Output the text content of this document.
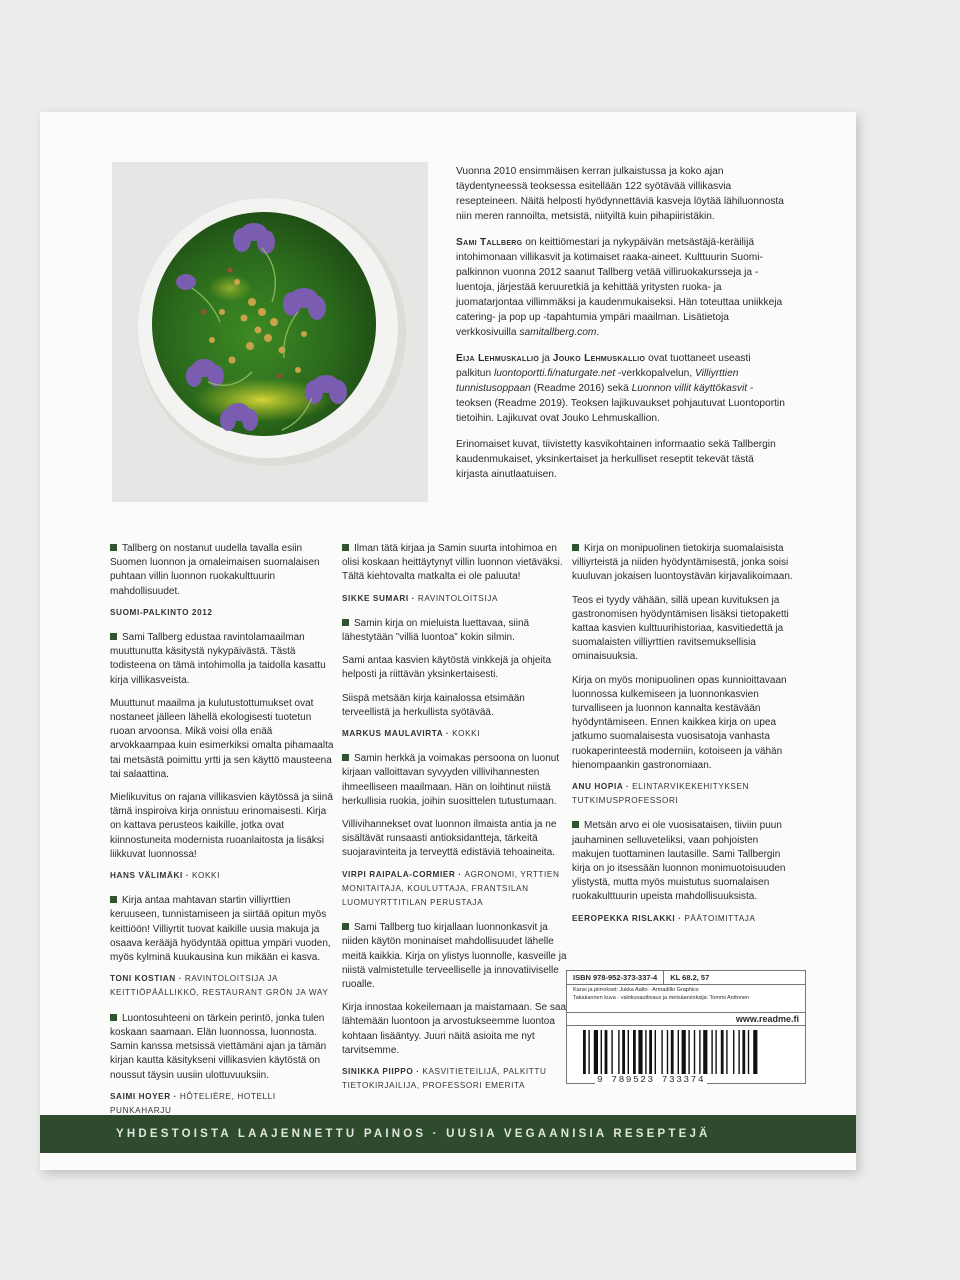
Vuonna 2010 ensimmäisen kerran julkaistussa ja koko ajan täydentyneessä teoksessa esitellään 122 syötävää villikasvia resepteineen. Näitä helposti hyödynnettäviä kasveja löytää lähiluonnosta niin meren rannoilta, metsistä, niityiltä kuin pihapiiristäkin.

Sami Tallberg on keittiömestari ja nykypäivän metsästäjä-keräilijä intohimonaan villikasvit ja kotimaiset raaka-aineet. Kulttuurin Suomi-palkinnon vuonna 2012 saanut Tallberg vetää villiruokakursseja ja -luentoja, järjestää keruuretkiä ja kehittää yritysten ruoka- ja juomatarjontaa villimmäksi ja kaudenmukaiseksi. Hän toteuttaa uniikkeja catering- ja pop up -tapahtumia ympäri maailman. Lisätietoja verkkosivuilla samitallberg.com.

Eija Lehmuskallio ja Jouko Lehmuskallio ovat tuottaneet useasti palkitun luontoportti.fi/naturgate.net -verkkopalvelun, Villiyrttien tunnistusoppaan (Readme 2016) sekä Luonnon villit käyttökasvit -teoksen (Readme 2019). Teoksen lajikuvaukset pohjautuvat Luontoportin tietoihin. Lajikuvat ovat Jouko Lehmuskallion.

Erinomaiset kuvat, tiivistetty kasvikohtainen informaatio sekä Tallbergin kaudenmukaiset, yksinkertaiset ja herkulliset reseptit tekevät tästä kirjasta ainutlaatuisen.

Tallberg on nostanut uudella tavalla esiin Suomen luonnon ja omaleimaisen suomalaisen puhtaan villin luonnon ruokakulttuurin mahdollisuudet.

SUOMI-PALKINTO 2012

Sami Tallberg edustaa ravintolamaailman muuttunutta käsitystä nykypäivästä. Tästä todisteena on tämä intohimolla ja taidolla kasattu kirja villikasveista.

Muuttunut maailma ja kulutustottumukset ovat nostaneet jälleen lähellä ekologisesti tuotetun ruoan arvoonsa. Mikä voisi olla enää arvokkaampaa kuin esimerkiksi omalta pihamaalta tai metsästä poimittu yrtti ja sen käyttö mausteena tai salaattina.

Mielikuvitus on rajana villikasvien käytössä ja siinä tämä inspiroiva kirja onnistuu erinomaisesti. Kirja on kattava perusteos kaikille, jotka ovat kiinnostuneita modernista ruoanlaitosta ja lisäksi liikkuvat luonnossa!

HANS VÄLIMÄKI · KOKKI

Kirja antaa mahtavan startin villiyrttien keruuseen, tunnistamiseen ja siirtää opitun myös keittiöön! Villiyrtit tuovat kaikille uusia makuja ja osaava kerääjä hyödyntää opittua ympäri vuoden, myös kylminä kuukausina kun mikään ei kasva.

TONI KOSTIAN · RAVINTOLOITSIJA JA KEITTIÖPÄÄLLIKKÖ, RESTAURANT GRÖN JA WAY

Luontosuhteeni on tärkein perintö, jonka tulen koskaan saamaan. Elän luonnossa, luonnosta. Samin kanssa metsissä viettämäni ajan ja tämän kirjan kautta käsitykseni villikasvien käytöstä on noussut täysin uusiin ulottuvuuksiin.

SAIMI HOYER · HÔTELIÈRE, HOTELLI PUNKAHARJU

Ilman tätä kirjaa ja Samin suurta intohimoa en olisi koskaan heittäytynyt villin luonnon vietäväksi. Tältä kiehtovalta matkalta ei ole paluuta!

SIKKE SUMARI · RAVINTOLOITSIJA

Samin kirja on mieluista luettavaa, siinä lähestytään ”villiä luontoa” kokin silmin.

Sami antaa kasvien käytöstä vinkkejä ja ohjeita helposti ja riittävän yksinkertaisesti.

Siispä metsään kirja kainalossa etsimään terveellistä ja herkullista syötävää.

MARKUS MAULAVIRTA · KOKKI

Samin herkkä ja voimakas persoona on luonut kirjaan valloittavan syvyyden villivihannesten ihmeelliseen maailmaan. Hän on loihtinut niistä herkullisia ruokia, joihin suosittelen tutustumaan.

Villivihannekset ovat luonnon ilmaista antia ja ne sisältävät runsaasti antioksidantteja, tärkeitä suojaravinteita ja terveyttä edistäviä tehoaineita.

VIRPI RAIPALA-CORMIER · AGRONOMI, YRTTIEN MONITAITAJA, KOULUTTAJA, FRANTSILAN LUOMUYRTTITILAN PERUSTAJA

Sami Tallberg tuo kirjallaan luonnonkasvit ja niiden käytön moninaiset mahdollisuudet lähelle meitä kaikkia. Kirja on ylistys luonnolle, kasveille ja niistä valmistetulle terveelliselle ja innovatiiviselle ruoalle.

Kirja innostaa kokeilemaan ja maistamaan. Se saa lähtemään luontoon ja arvostukseemme luontoa kohtaan lisääntyy. Juuri näitä asioita me nyt tarvitsemme.

SINIKKA PIIPPO · KASVITIETEILIJÄ, PALKITTU TIETOKIRJAILIJA, PROFESSORI EMERITA

Kirja on monipuolinen tietokirja suomalaisista villiyrteistä ja niiden hyödyntämisestä, jonka soisi kuuluvan jokaisen luontoystävän kirjavalikoimaan.

Teos ei tyydy vähään, sillä upean kuvituksen ja gastronomisen hyödyntämisen lisäksi tietopaketti kattaa kasvien kulttuurihistoriaa, kasvitiedettä ja suomalaisten villiyrttien ravitsemuksellisia ominaisuuksia.

Kirja on myös monipuolinen opas kunnioittavaan luonnossa kulkemiseen ja luonnonkasvien turvalliseen ja luonnon kannalta kestävään hyödyntämiseen. Ennen kaikkea kirja on upea jatkumo suomalaisesta vuosisatoja vanhasta ruokaperinteestä moderniin, kotoiseen ja vähän hienompaankin gastronomiaan.

ANU HOPIA · ELINTARVIKEKEHITYKSEN TUTKIMUSPROFESSORI

Metsän arvo ei ole vuosisataisen, tiiviin puun jauhaminen selluveteliksi, vaan pohjoisten makujen tuottaminen lautasille. Sami Tallbergin kirja on jo itsessään luonnon monimuotoisuuden ylistystä, mutta myös muistutus suomalaisen ruokakulttuurin upeista mahdollisuuksista.

EEROPEKKA RISLAKKI · PÄÄTOIMITTAJA
ISBN 978-952-373-337-4	KL 68.2, 57
Kansi ja piirrokset: Jukka Aalto · Armadillo Graphics
Takakannen kuva · valokuvauttivaus ja metsäarvioksija: Tommi Anttonen
www.readme.fi
9 789523 733374
YHDESTOISTA LAAJENNETTU PAINOS · UUSIA VEGAANISIA RESEPTEJÄ
